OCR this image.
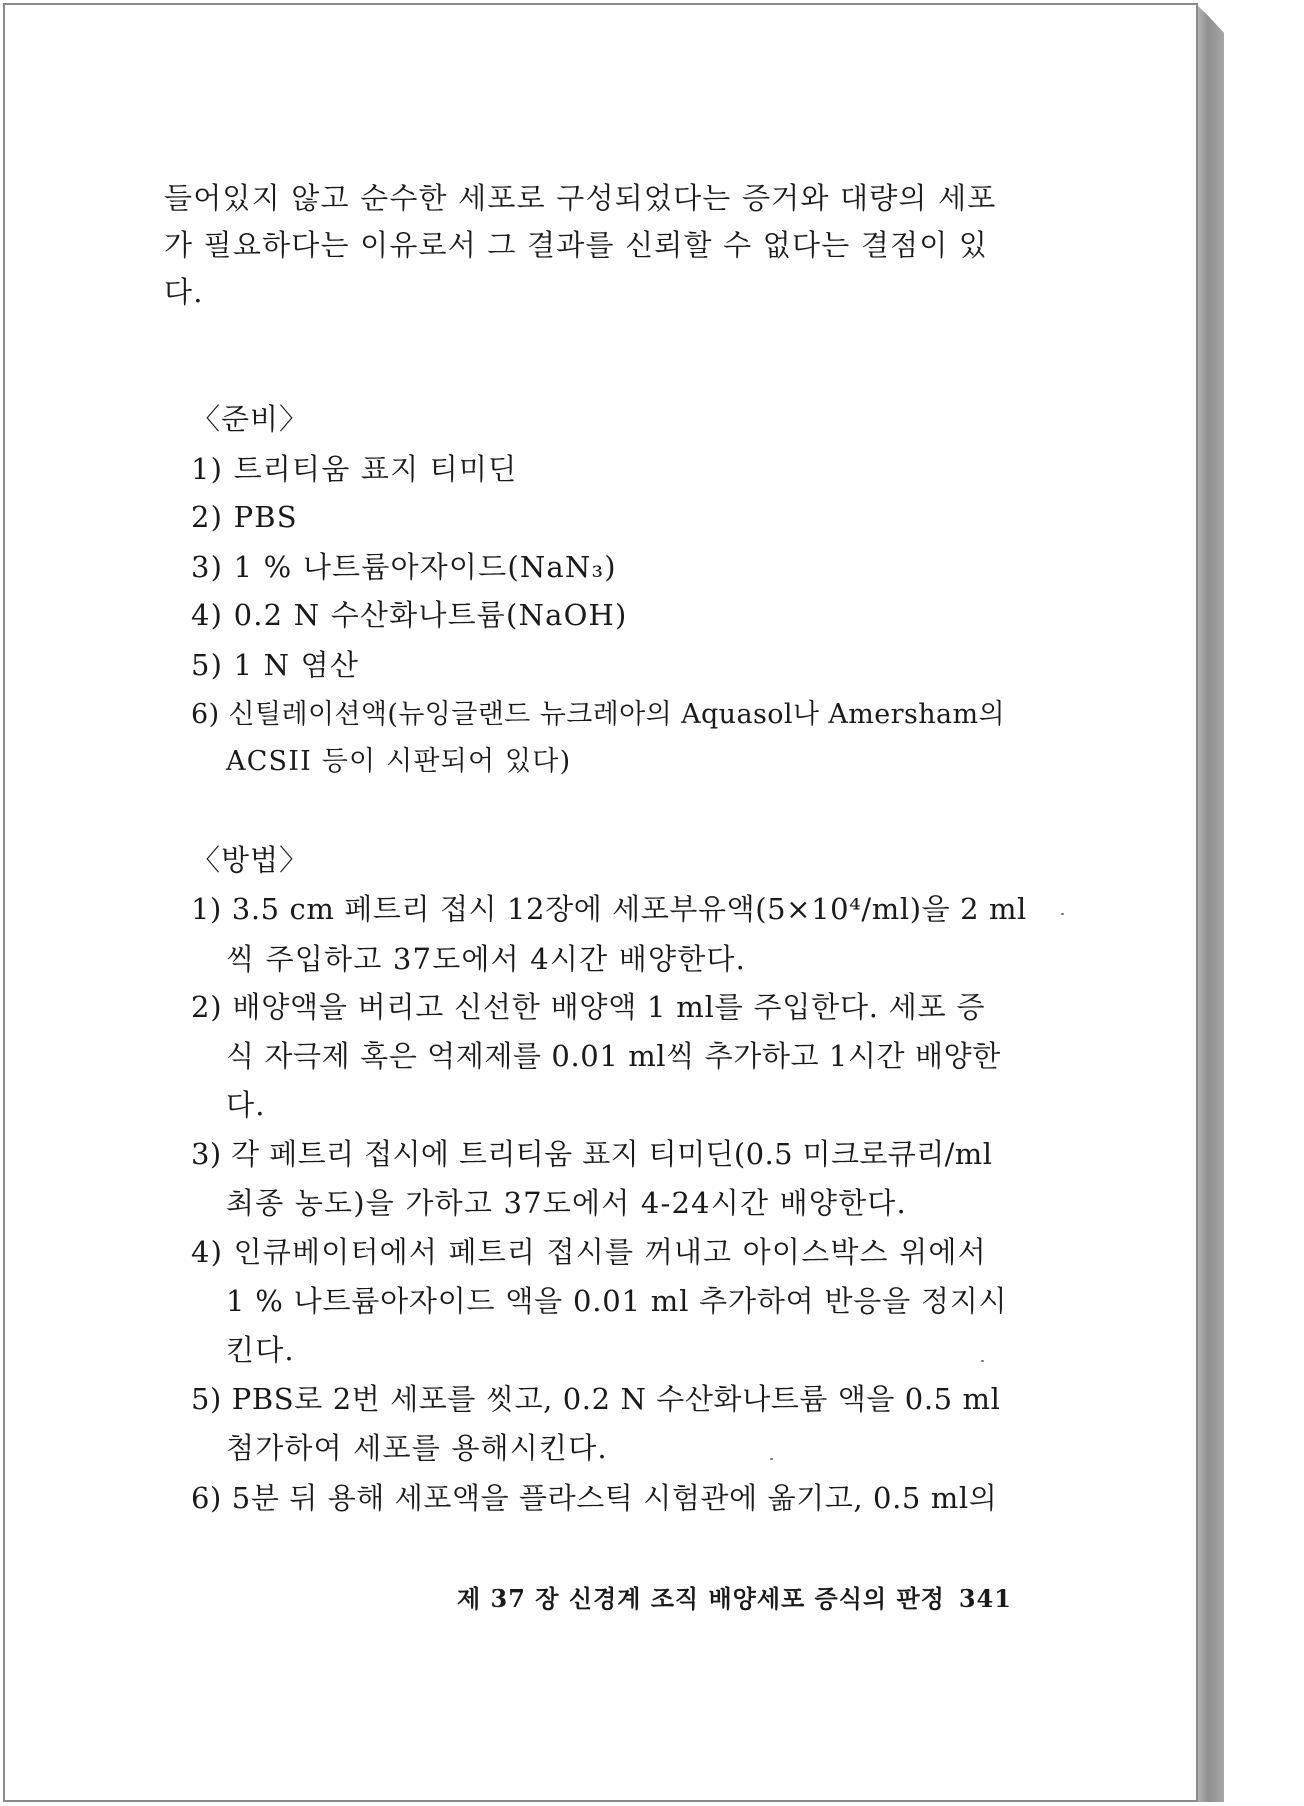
들어있지 않고 순수한 세포로 구성되었다는 증거와 대량의 세포
가 필요하다는 이유로서 그 결과를 신뢰할 수 없다는 결점이 있
다.
〈준비〉
1) 트리티움 표지 티미딘
2) PBS
3) 1 % 나트륨아자이드(NaN₃)
4) 0.2 N 수산화나트륨(NaOH)
5) 1 N 염산
6) 신틸레이션액(뉴잉글랜드 뉴크레아의 Aquasol나 Amersham의
ACSII 등이 시판되어 있다)
〈방법〉
1) 3.5 cm 페트리 접시 12장에 세포부유액(5×10⁴/ml)을 2 ml
씩 주입하고 37도에서 4시간 배양한다.
2) 배양액을 버리고 신선한 배양액 1 ml를 주입한다. 세포 증
식 자극제 혹은 억제제를 0.01 ml씩 추가하고 1시간 배양한
다.
3) 각 페트리 접시에 트리티움 표지 티미딘(0.5 미크로큐리/ml
최종 농도)을 가하고 37도에서 4-24시간 배양한다.
4) 인큐베이터에서 페트리 접시를 꺼내고 아이스박스 위에서
1 % 나트륨아자이드 액을 0.01 ml 추가하여 반응을 정지시
킨다.
5) PBS로 2번 세포를 씻고, 0.2 N 수산화나트륨 액을 0.5 ml
첨가하여 세포를 용해시킨다.
6) 5분 뒤 용해 세포액을 플라스틱 시험관에 옮기고, 0.5 ml의
제 37 장 신경계 조직 배양세포 증식의 판정 341
